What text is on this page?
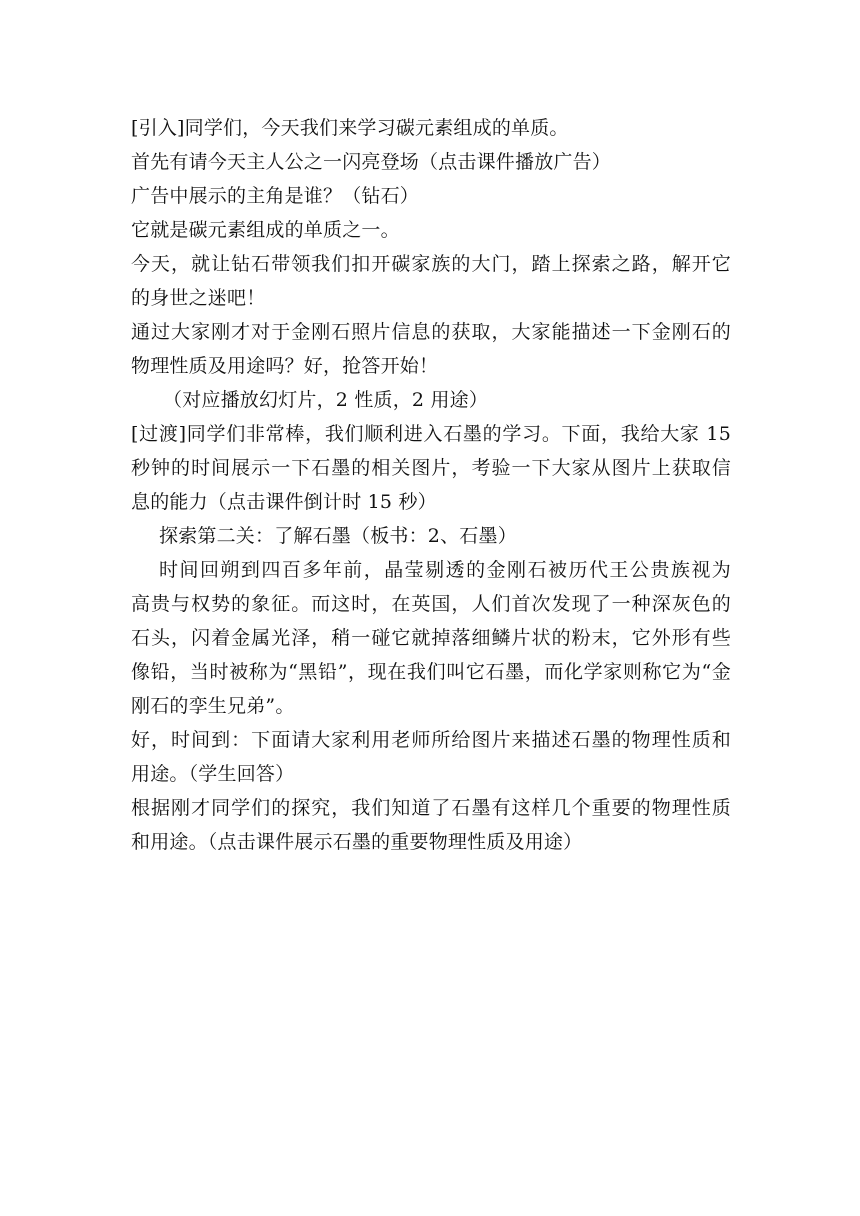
[引入]同学们，今天我们来学习碳元素组成的单质。

首先有请今天主人公之一闪亮登场（点击课件播放广告）

广告中展示的主角是谁？（钻石）

它就是碳元素组成的单质之一。

今天，就让钻石带领我们扣开碳家族的大门，踏上探索之路，解开它

的身世之迷吧！

通过大家刚才对于金刚石照片信息的获取，大家能描述一下金刚石的

物理性质及用途吗？好，抢答开始！

（对应播放幻灯片，2 性质，2 用途）

[过渡]同学们非常棒，我们顺利进入石墨的学习。下面，我给大家 15

秒钟的时间展示一下石墨的相关图片，考验一下大家从图片上获取信

息的能力（点击课件倒计时 15 秒）

探索第二关：了解石墨（板书：2、石墨）

时间回朔到四百多年前，晶莹剔透的金刚石被历代王公贵族视为

高贵与权势的象征。而这时，在英国，人们首次发现了一种深灰色的

石头，闪着金属光泽，稍一碰它就掉落细鳞片状的粉末，它外形有些

像铅，当时被称为“黑铅”，现在我们叫它石墨，而化学家则称它为“金

刚石的孪生兄弟”。

好，时间到：下面请大家利用老师所给图片来描述石墨的物理性质和

用途。（学生回答）

根据刚才同学们的探究，我们知道了石墨有这样几个重要的物理性质

和用途。（点击课件展示石墨的重要物理性质及用途）
